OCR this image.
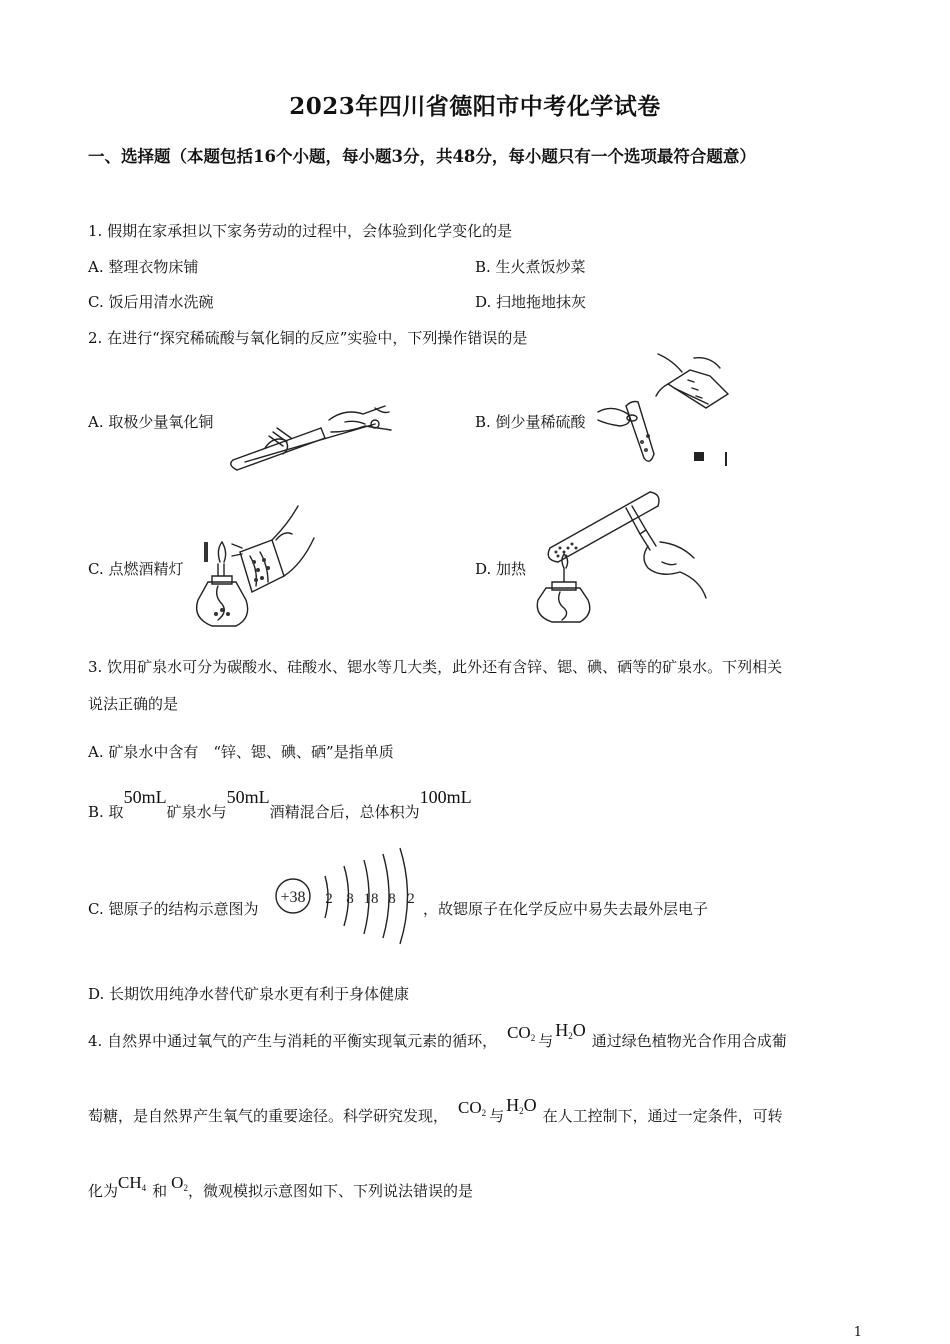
2023年四川省德阳市中考化学试卷
一、选择题（本题包括16个小题，每小题3分，共48分，每小题只有一个选项最符合题意）
1. 假期在家承担以下家务劳动的过程中，会体验到化学变化的是
A. 整理衣物床铺	B. 生火煮饭炒菜
C. 饭后用清水洗碗	D. 扫地拖地抹灰
2. 在进行“探究稀硫酸与氧化铜的反应”实验中，下列操作错误的是
A. 取极少量氧化铜	B. 倒少量稀硫酸
C. 点燃酒精灯	D. 加热
3. 饮用矿泉水可分为碳酸水、硅酸水、锶水等几大类，此外还有含锌、锶、碘、硒等的矿泉水。下列相关
说法正确的是
A. 矿泉水中含有　“锌、锶、碘、硒”是指单质
B. 取50mL矿泉水与50mL酒精混合后，总体积为100mL
C. 锶原子的结构示意图为
+38 2 8 18 8 2
，故锶原子在化学反应中易失去最外层电子
D. 长期饮用纯净水替代矿泉水更有利于身体健康
4. 自然界中通过氧气的产生与消耗的平衡实现氧元素的循环， $CO_2$ 与$H_2O$通过绿色植物光合作用合成葡
萄糖，是自然界产生氧气的重要途径。科学研究发现， $CO_2$ 与$H_2O$在人工控制下，通过一定条件，可转
化为$CH_4$ 和 $O_2$，微观模拟示意图如下、下列说法错误的是
1
